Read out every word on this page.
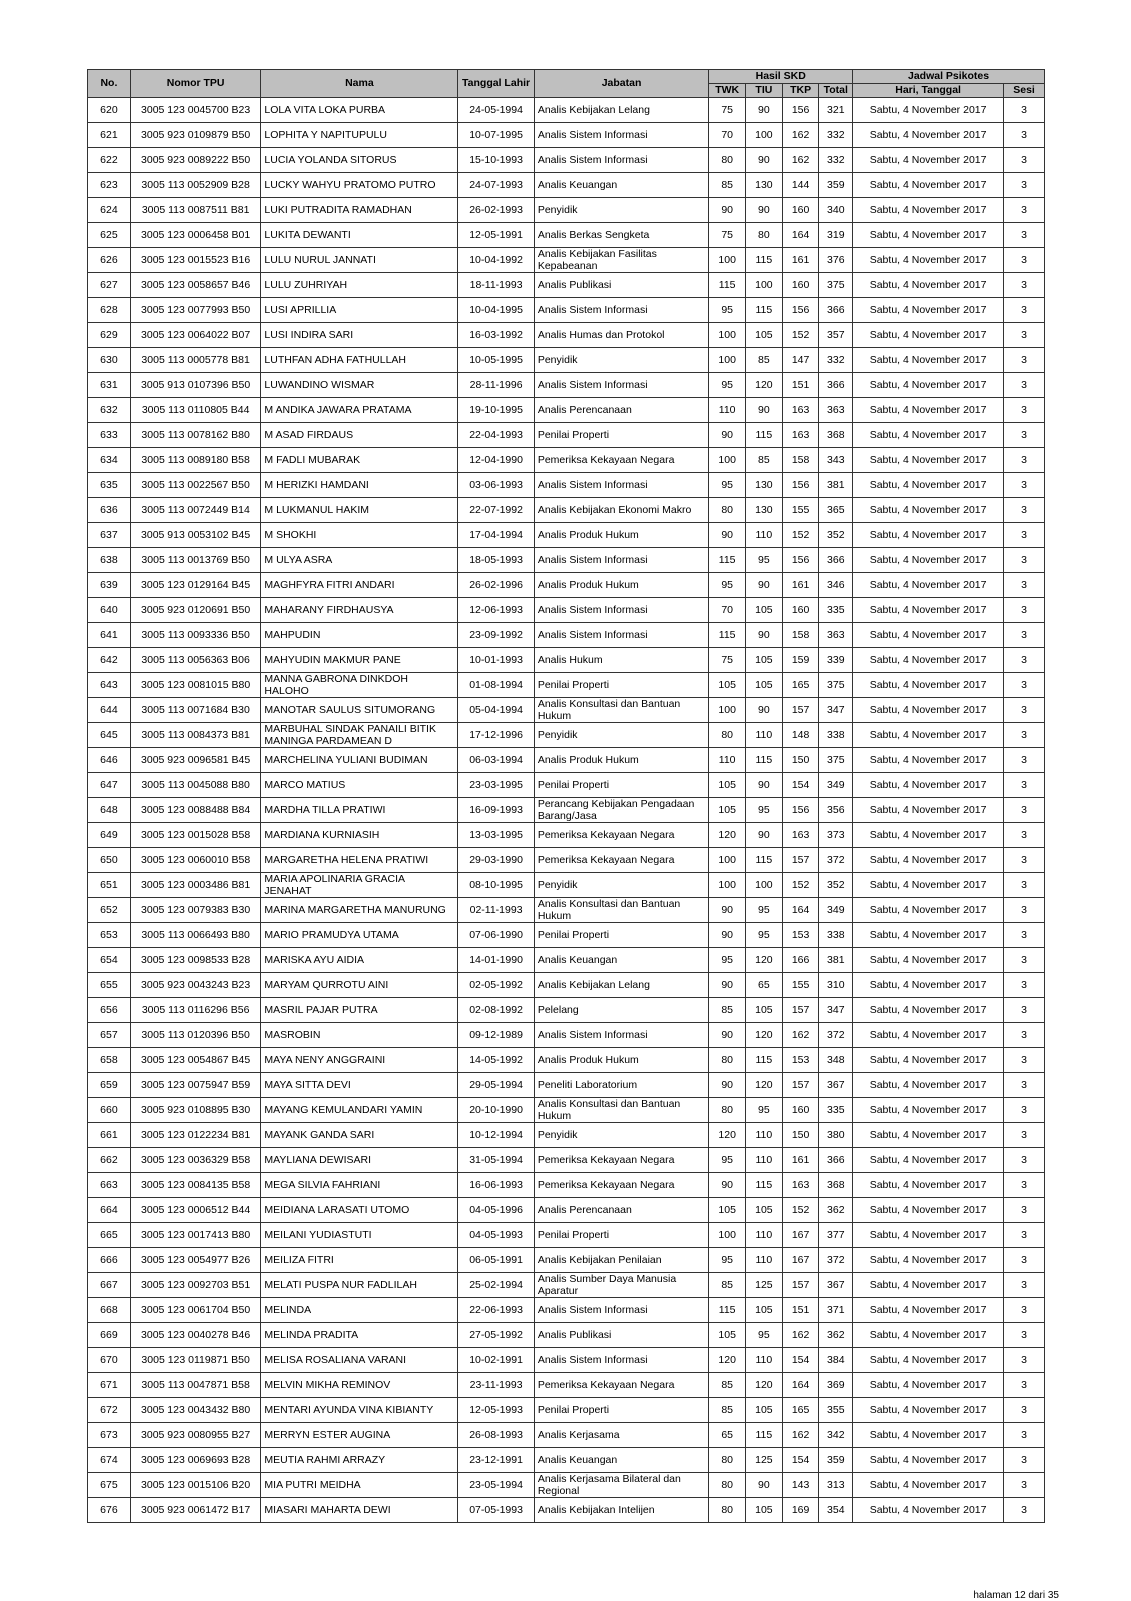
No.	Nomor TPU	Nama	Tanggal Lahir	Jabatan	Hasil SKD				Jadwal Psikotes	
					TWK	TIU	TKP	Total	Hari, Tanggal	Sesi
620	3005 123 0045700 B23	LOLA VITA LOKA PURBA	24-05-1994	Analis Kebijakan Lelang	75	90	156	321	Sabtu, 4 November 2017	3
621	3005 923 0109879 B50	LOPHITA Y NAPITUPULU	10-07-1995	Analis Sistem Informasi	70	100	162	332	Sabtu, 4 November 2017	3
622	3005 923 0089222 B50	LUCIA YOLANDA SITORUS	15-10-1993	Analis Sistem Informasi	80	90	162	332	Sabtu, 4 November 2017	3
623	3005 113 0052909 B28	LUCKY WAHYU PRATOMO PUTRO	24-07-1993	Analis Keuangan	85	130	144	359	Sabtu, 4 November 2017	3
624	3005 113 0087511 B81	LUKI PUTRADITA RAMADHAN	26-02-1993	Penyidik	90	90	160	340	Sabtu, 4 November 2017	3
625	3005 123 0006458 B01	LUKITA DEWANTI	12-05-1991	Analis Berkas Sengketa	75	80	164	319	Sabtu, 4 November 2017	3
626	3005 123 0015523 B16	LULU NURUL JANNATI	10-04-1992	Analis Kebijakan Fasilitas Kepabeanan	100	115	161	376	Sabtu, 4 November 2017	3
627	3005 123 0058657 B46	LULU ZUHRIYAH	18-11-1993	Analis Publikasi	115	100	160	375	Sabtu, 4 November 2017	3
628	3005 123 0077993 B50	LUSI APRILLIA	10-04-1995	Analis Sistem Informasi	95	115	156	366	Sabtu, 4 November 2017	3
629	3005 123 0064022 B07	LUSI INDIRA SARI	16-03-1992	Analis Humas dan Protokol	100	105	152	357	Sabtu, 4 November 2017	3
630	3005 113 0005778 B81	LUTHFAN ADHA FATHULLAH	10-05-1995	Penyidik	100	85	147	332	Sabtu, 4 November 2017	3
631	3005 913 0107396 B50	LUWANDINO WISMAR	28-11-1996	Analis Sistem Informasi	95	120	151	366	Sabtu, 4 November 2017	3
632	3005 113 0110805 B44	M ANDIKA JAWARA PRATAMA	19-10-1995	Analis Perencanaan	110	90	163	363	Sabtu, 4 November 2017	3
633	3005 113 0078162 B80	M ASAD FIRDAUS	22-04-1993	Penilai Properti	90	115	163	368	Sabtu, 4 November 2017	3
634	3005 113 0089180 B58	M FADLI MUBARAK	12-04-1990	Pemeriksa Kekayaan Negara	100	85	158	343	Sabtu, 4 November 2017	3
635	3005 113 0022567 B50	M HERIZKI HAMDANI	03-06-1993	Analis Sistem Informasi	95	130	156	381	Sabtu, 4 November 2017	3
636	3005 113 0072449 B14	M LUKMANUL HAKIM	22-07-1992	Analis Kebijakan Ekonomi Makro	80	130	155	365	Sabtu, 4 November 2017	3
637	3005 913 0053102 B45	M SHOKHI	17-04-1994	Analis Produk Hukum	90	110	152	352	Sabtu, 4 November 2017	3
638	3005 113 0013769 B50	M ULYA ASRA	18-05-1993	Analis Sistem Informasi	115	95	156	366	Sabtu, 4 November 2017	3
639	3005 123 0129164 B45	MAGHFYRA FITRI ANDARI	26-02-1996	Analis Produk Hukum	95	90	161	346	Sabtu, 4 November 2017	3
640	3005 923 0120691 B50	MAHARANY FIRDHAUSYA	12-06-1993	Analis Sistem Informasi	70	105	160	335	Sabtu, 4 November 2017	3
641	3005 113 0093336 B50	MAHPUDIN	23-09-1992	Analis Sistem Informasi	115	90	158	363	Sabtu, 4 November 2017	3
642	3005 113 0056363 B06	MAHYUDIN MAKMUR PANE	10-01-1993	Analis Hukum	75	105	159	339	Sabtu, 4 November 2017	3
643	3005 123 0081015 B80	MANNA GABRONA DINKDOH HALOHO	01-08-1994	Penilai Properti	105	105	165	375	Sabtu, 4 November 2017	3
644	3005 113 0071684 B30	MANOTAR SAULUS SITUMORANG	05-04-1994	Analis Konsultasi dan Bantuan Hukum	100	90	157	347	Sabtu, 4 November 2017	3
645	3005 113 0084373 B81	MARBUHAL SINDAK PANAILI BITIK MANINGA PARDAMEAN D	17-12-1996	Penyidik	80	110	148	338	Sabtu, 4 November 2017	3
646	3005 923 0096581 B45	MARCHELINA YULIANI BUDIMAN	06-03-1994	Analis Produk Hukum	110	115	150	375	Sabtu, 4 November 2017	3
647	3005 113 0045088 B80	MARCO MATIUS	23-03-1995	Penilai Properti	105	90	154	349	Sabtu, 4 November 2017	3
648	3005 123 0088488 B84	MARDHA TILLA PRATIWI	16-09-1993	Perancang Kebijakan Pengadaan Barang/Jasa	105	95	156	356	Sabtu, 4 November 2017	3
649	3005 123 0015028 B58	MARDIANA KURNIASIH	13-03-1995	Pemeriksa Kekayaan Negara	120	90	163	373	Sabtu, 4 November 2017	3
650	3005 123 0060010 B58	MARGARETHA HELENA PRATIWI	29-03-1990	Pemeriksa Kekayaan Negara	100	115	157	372	Sabtu, 4 November 2017	3
651	3005 123 0003486 B81	MARIA APOLINARIA GRACIA JENAHAT	08-10-1995	Penyidik	100	100	152	352	Sabtu, 4 November 2017	3
652	3005 123 0079383 B30	MARINA MARGARETHA MANURUNG	02-11-1993	Analis Konsultasi dan Bantuan Hukum	90	95	164	349	Sabtu, 4 November 2017	3
653	3005 113 0066493 B80	MARIO PRAMUDYA UTAMA	07-06-1990	Penilai Properti	90	95	153	338	Sabtu, 4 November 2017	3
654	3005 123 0098533 B28	MARISKA AYU AIDIA	14-01-1990	Analis Keuangan	95	120	166	381	Sabtu, 4 November 2017	3
655	3005 923 0043243 B23	MARYAM QURROTU AINI	02-05-1992	Analis Kebijakan Lelang	90	65	155	310	Sabtu, 4 November 2017	3
656	3005 113 0116296 B56	MASRIL PAJAR PUTRA	02-08-1992	Pelelang	85	105	157	347	Sabtu, 4 November 2017	3
657	3005 113 0120396 B50	MASROBIN	09-12-1989	Analis Sistem Informasi	90	120	162	372	Sabtu, 4 November 2017	3
658	3005 123 0054867 B45	MAYA NENY ANGGRAINI	14-05-1992	Analis Produk Hukum	80	115	153	348	Sabtu, 4 November 2017	3
659	3005 123 0075947 B59	MAYA SITTA DEVI	29-05-1994	Peneliti Laboratorium	90	120	157	367	Sabtu, 4 November 2017	3
660	3005 923 0108895 B30	MAYANG KEMULANDARI YAMIN	20-10-1990	Analis Konsultasi dan Bantuan Hukum	80	95	160	335	Sabtu, 4 November 2017	3
661	3005 123 0122234 B81	MAYANK GANDA SARI	10-12-1994	Penyidik	120	110	150	380	Sabtu, 4 November 2017	3
662	3005 123 0036329 B58	MAYLIANA DEWISARI	31-05-1994	Pemeriksa Kekayaan Negara	95	110	161	366	Sabtu, 4 November 2017	3
663	3005 123 0084135 B58	MEGA SILVIA FAHRIANI	16-06-1993	Pemeriksa Kekayaan Negara	90	115	163	368	Sabtu, 4 November 2017	3
664	3005 123 0006512 B44	MEIDIANA LARASATI UTOMO	04-05-1996	Analis Perencanaan	105	105	152	362	Sabtu, 4 November 2017	3
665	3005 123 0017413 B80	MEILANI YUDIASTUTI	04-05-1993	Penilai Properti	100	110	167	377	Sabtu, 4 November 2017	3
666	3005 123 0054977 B26	MEILIZA FITRI	06-05-1991	Analis Kebijakan Penilaian	95	110	167	372	Sabtu, 4 November 2017	3
667	3005 123 0092703 B51	MELATI PUSPA NUR FADLILAH	25-02-1994	Analis Sumber Daya Manusia Aparatur	85	125	157	367	Sabtu, 4 November 2017	3
668	3005 123 0061704 B50	MELINDA	22-06-1993	Analis Sistem Informasi	115	105	151	371	Sabtu, 4 November 2017	3
669	3005 123 0040278 B46	MELINDA PRADITA	27-05-1992	Analis Publikasi	105	95	162	362	Sabtu, 4 November 2017	3
670	3005 123 0119871 B50	MELISA ROSALIANA VARANI	10-02-1991	Analis Sistem Informasi	120	110	154	384	Sabtu, 4 November 2017	3
671	3005 113 0047871 B58	MELVIN MIKHA REMINOV	23-11-1993	Pemeriksa Kekayaan Negara	85	120	164	369	Sabtu, 4 November 2017	3
672	3005 123 0043432 B80	MENTARI AYUNDA VINA KIBIANTY	12-05-1993	Penilai Properti	85	105	165	355	Sabtu, 4 November 2017	3
673	3005 923 0080955 B27	MERRYN ESTER AUGINA	26-08-1993	Analis Kerjasama	65	115	162	342	Sabtu, 4 November 2017	3
674	3005 123 0069693 B28	MEUTIA RAHMI ARRAZY	23-12-1991	Analis Keuangan	80	125	154	359	Sabtu, 4 November 2017	3
675	3005 123 0015106 B20	MIA PUTRI MEIDHA	23-05-1994	Analis Kerjasama Bilateral dan Regional	80	90	143	313	Sabtu, 4 November 2017	3
676	3005 923 0061472 B17	MIASARI MAHARTA DEWI	07-05-1993	Analis Kebijakan Intelijen	80	105	169	354	Sabtu, 4 November 2017	3
halaman 12 dari 35
